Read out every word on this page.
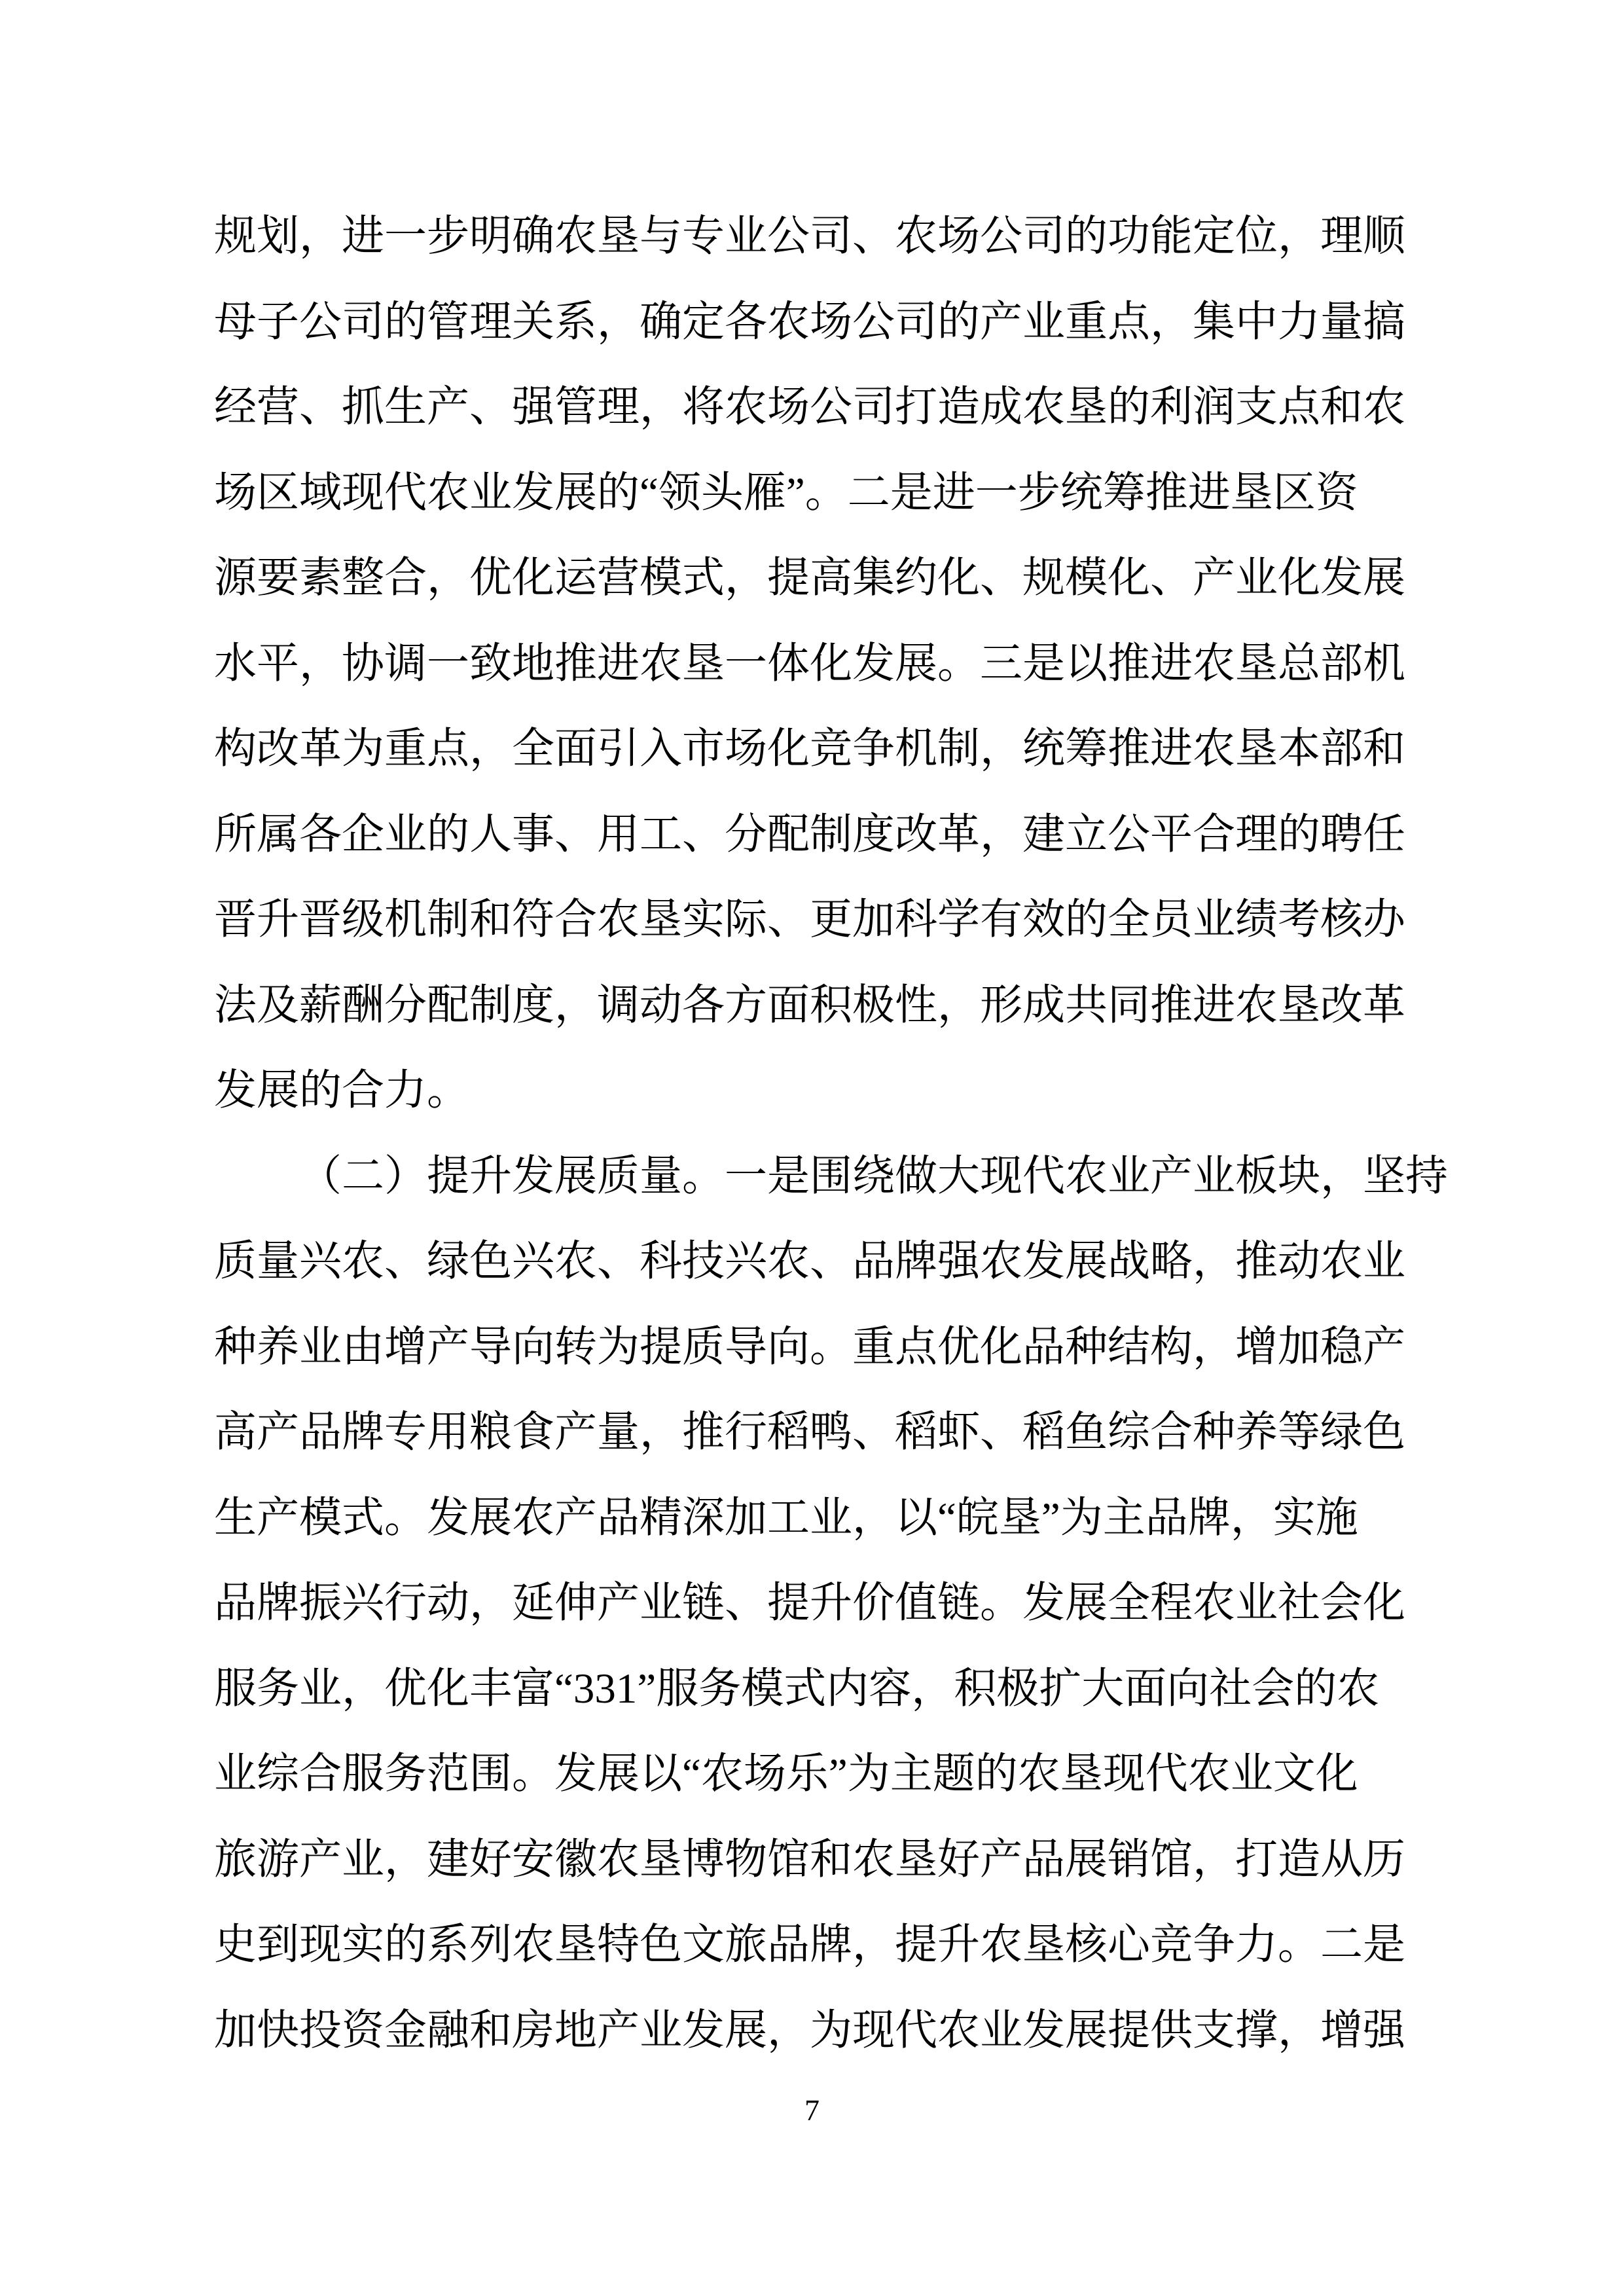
规划，进一步明确农垦与专业公司、农场公司的功能定位，理顺
母子公司的管理关系，确定各农场公司的产业重点，集中力量搞
经营、抓生产、强管理，将农场公司打造成农垦的利润支点和农
场区域现代农业发展的“领头雁”。二是进一步统筹推进垦区资
源要素整合，优化运营模式，提高集约化、规模化、产业化发展
水平，协调一致地推进农垦一体化发展。三是以推进农垦总部机
构改革为重点，全面引入市场化竞争机制，统筹推进农垦本部和
所属各企业的人事、用工、分配制度改革，建立公平合理的聘任
晋升晋级机制和符合农垦实际、更加科学有效的全员业绩考核办
法及薪酬分配制度，调动各方面积极性，形成共同推进农垦改革
发展的合力。
（二）提升发展质量。一是围绕做大现代农业产业板块，坚持
质量兴农、绿色兴农、科技兴农、品牌强农发展战略，推动农业
种养业由增产导向转为提质导向。重点优化品种结构，增加稳产
高产品牌专用粮食产量，推行稻鸭、稻虾、稻鱼综合种养等绿色
生产模式。发展农产品精深加工业，以“皖垦”为主品牌，实施
品牌振兴行动，延伸产业链、提升价值链。发展全程农业社会化
服务业，优化丰富“331”服务模式内容，积极扩大面向社会的农
业综合服务范围。发展以“农场乐”为主题的农垦现代农业文化
旅游产业，建好安徽农垦博物馆和农垦好产品展销馆，打造从历
史到现实的系列农垦特色文旅品牌，提升农垦核心竞争力。二是
加快投资金融和房地产业发展，为现代农业发展提供支撑，增强
7
